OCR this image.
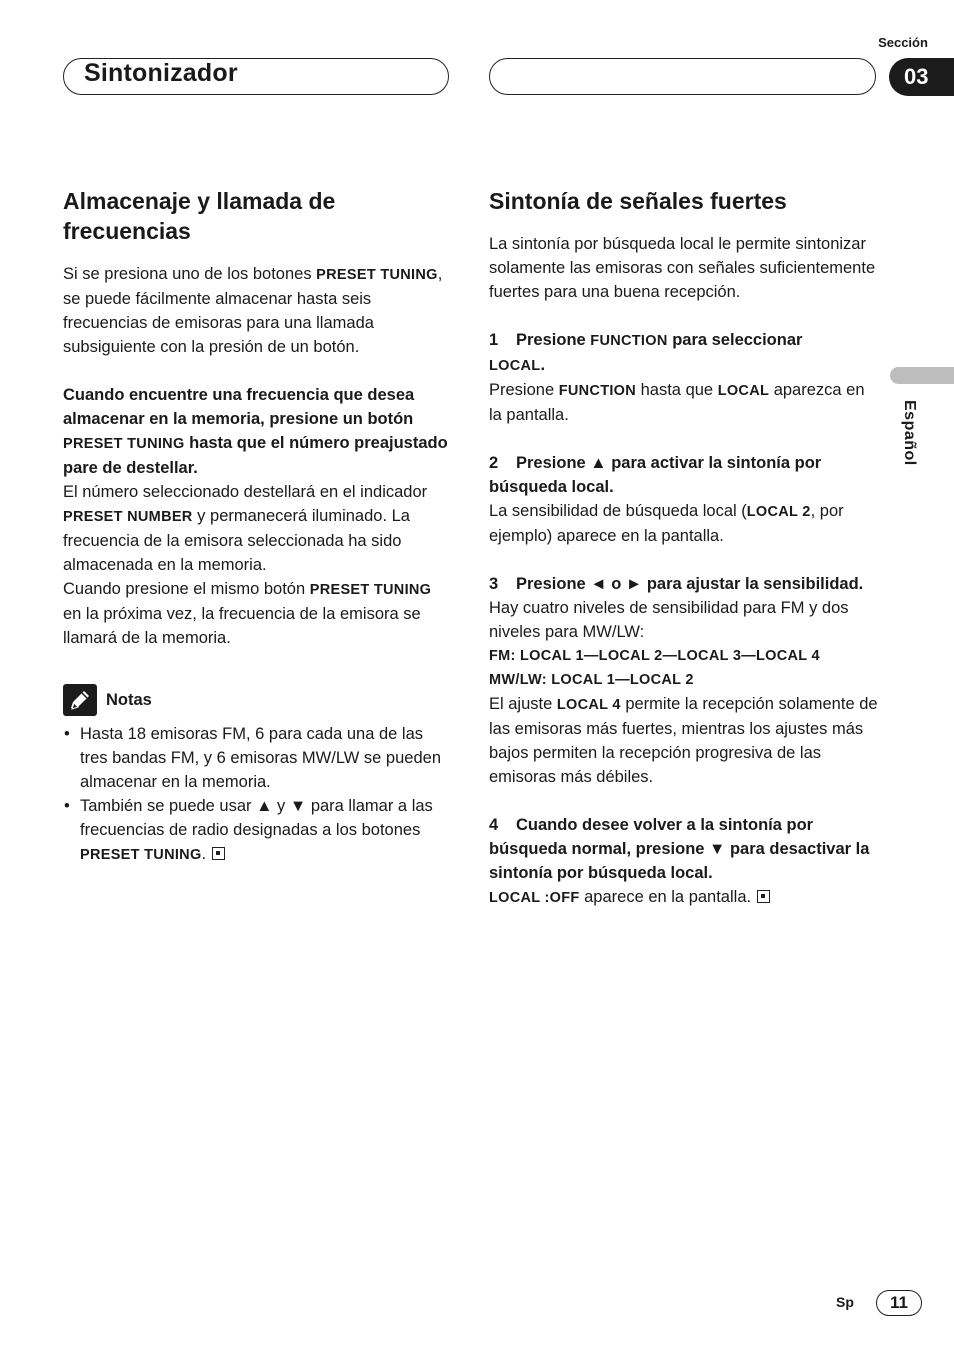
Sección
Sintonizador	03
Almacenaje y llamada de frecuencias

Si se presiona uno de los botones PRESET TUNING, se puede fácilmente almacenar hasta seis frecuencias de emisoras para una llamada subsiguiente con la presión de un botón.

Cuando encuentre una frecuencia que desea almacenar en la memoria, presione un botón PRESET TUNING hasta que el número preajustado pare de destellar.

El número seleccionado destellará en el indicador PRESET NUMBER y permanecerá iluminado. La frecuencia de la emisora seleccionada ha sido almacenada en la memoria.

Cuando presione el mismo botón PRESET TUNING en la próxima vez, la frecuencia de la emisora se llamará de la memoria.

Notas
• Hasta 18 emisoras FM, 6 para cada una de las tres bandas FM, y 6 emisoras MW/LW se pueden almacenar en la memoria.
• También se puede usar ▲ y ▼ para llamar a las frecuencias de radio designadas a los botones PRESET TUNING.
Sintonía de señales fuertes

La sintonía por búsqueda local le permite sintonizar solamente las emisoras con señales suficientemente fuertes para una buena recepción.

1 Presione FUNCTION para seleccionar
LOCAL.

Presione FUNCTION hasta que LOCAL aparezca en la pantalla.

2 Presione ▲ para activar la sintonía por búsqueda local.

La sensibilidad de búsqueda local (LOCAL 2, por ejemplo) aparece en la pantalla.

3 Presione ◄ o ► para ajustar la sensibilidad.

Hay cuatro niveles de sensibilidad para FM y dos niveles para MW/LW:

FM: LOCAL 1—LOCAL 2—LOCAL 3—LOCAL 4

MW/LW: LOCAL 1—LOCAL 2

El ajuste LOCAL 4 permite la recepción solamente de las emisoras más fuertes, mientras los ajustes más bajos permiten la recepción progresiva de las emisoras más débiles.

4 Cuando desee volver a la sintonía por búsqueda normal, presione ▼ para desactivar la sintonía por búsqueda local.

LOCAL :OFF aparece en la pantalla.

Español
Sp	11
